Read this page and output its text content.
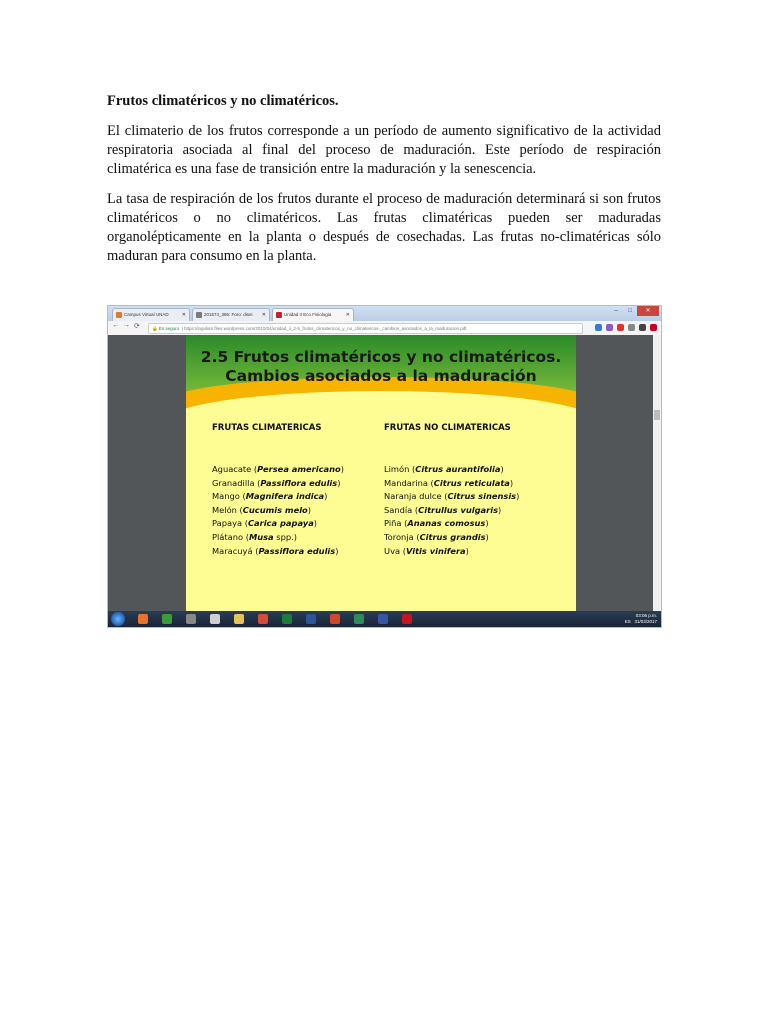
Frutos climatéricos y no climatéricos.

El climaterio de los frutos corresponde a un período de aumento significativo de la actividad respiratoria asociada al final del proceso de maduración. Este período de respiración climatérica es una fase de transición entre la maduración y la senescencia.

La tasa de respiración de los frutos durante el proceso de maduración determinará si son frutos climatéricos o no climatéricos. Las frutas climatéricas pueden ser maduradas organolépticamente en la planta o después de cosechadas. Las frutas no-climatéricas sólo maduran para consumo en la planta.

Campus Virtual UNAD	✕	201574_386: Foro: disei ✕	Unidad II Eco Fisiologia	✕
–	□	✕
← → ⟳	🔒 Es seguro  | https://ingulian.files.wordpress.com/2010/04/unidad_ii_2-5_frutos_climatericos_y_no_climatericos-_cambios_asociados_a_la_maduracion.pdf
2.5 Frutos climatéricos y no climatéricos.
Cambios asociados a la maduración
FRUTAS CLIMATERICAS	FRUTAS NO CLIMATERICAS
Aguacate (Persea americano)
Granadilla (Passiflora edulis)
Mango (Magnifera indica)
Melón (Cucumis melo)
Papaya (Carica papaya)
Plátano (Musa spp.)
Maracuyá (Passiflora edulis)
Limón (Citrus aurantifolia)
Mandarina (Citrus reticulata)
Naranja dulce (Citrus sinensis)
Sandía (Citrullus vulgaris)
Piña (Ananas comosus)
Toronja (Citrus grandis)
Uva (Vitis vinifera)
ES   03:06 p.m.
31/03/2017
